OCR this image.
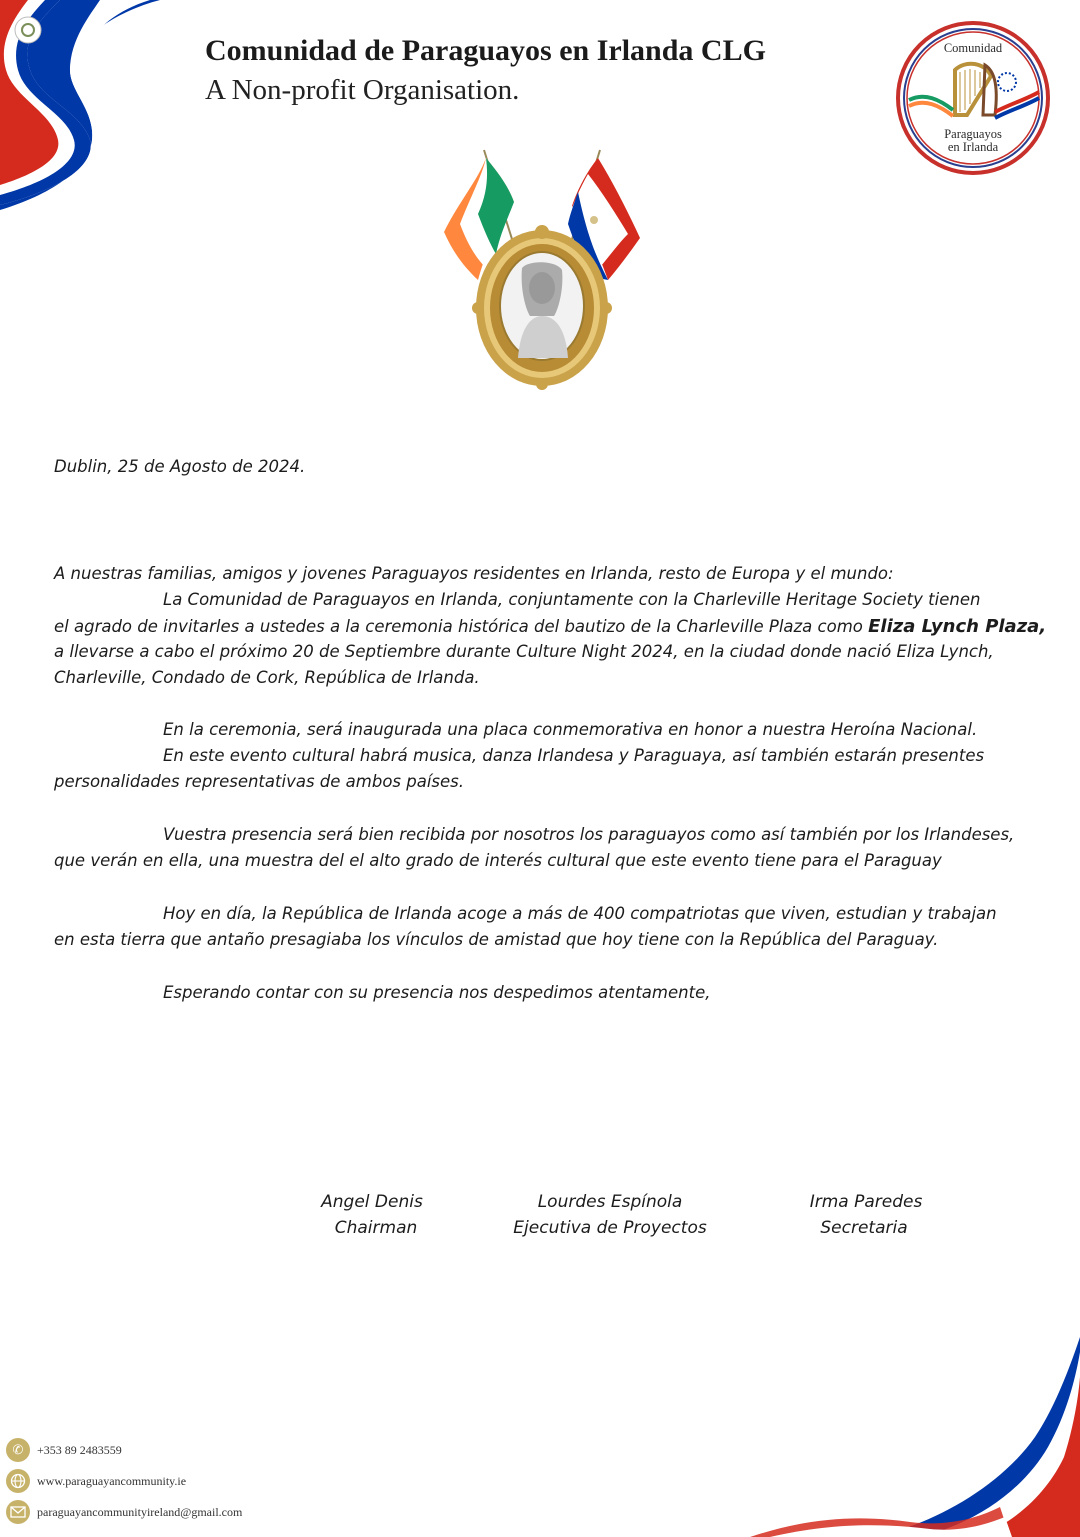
Comunidad de Paraguayos en Irlanda CLG
A Non-profit Organisation.
Comunidad
Paraguayos
en Irlanda
Dublin, 25 de Agosto de 2024.
A nuestras familias, amigos y jovenes Paraguayos residentes en Irlanda, resto de Europa y el mundo:
La Comunidad de Paraguayos en Irlanda, conjuntamente con la Charleville Heritage Society tienen
el agrado de invitarles a ustedes a la ceremonia histórica del bautizo de la Charleville Plaza como Eliza Lynch Plaza,
a llevarse a cabo el próximo 20 de Septiembre durante Culture Night 2024, en la ciudad donde nació Eliza Lynch,
Charleville, Condado de Cork, República de Irlanda.
En la ceremonia, será inaugurada una placa conmemorativa en honor a nuestra Heroína Nacional.
En este evento cultural habrá musica, danza Irlandesa y Paraguaya, así también estarán presentes
personalidades representativas de ambos países.
Vuestra presencia será bien recibida por nosotros los paraguayos como así también por los Irlandeses,
que verán en ella, una muestra del el alto grado de interés cultural que este evento tiene para el Paraguay
Hoy en día, la República de Irlanda acoge a más de 400 compatriotas que viven, estudian y trabajan
en esta tierra que antaño presagiaba los vínculos de amistad que hoy tiene con la República del Paraguay.
Esperando contar con su presencia nos despedimos atentamente,
Angel Denis
Chairman
Lourdes Espínola
Ejecutiva de Proyectos
Irma Paredes
Secretaria
✆	+353 89 2483559
www.paraguayancommunity.ie
paraguayancommunityireland@gmail.com
